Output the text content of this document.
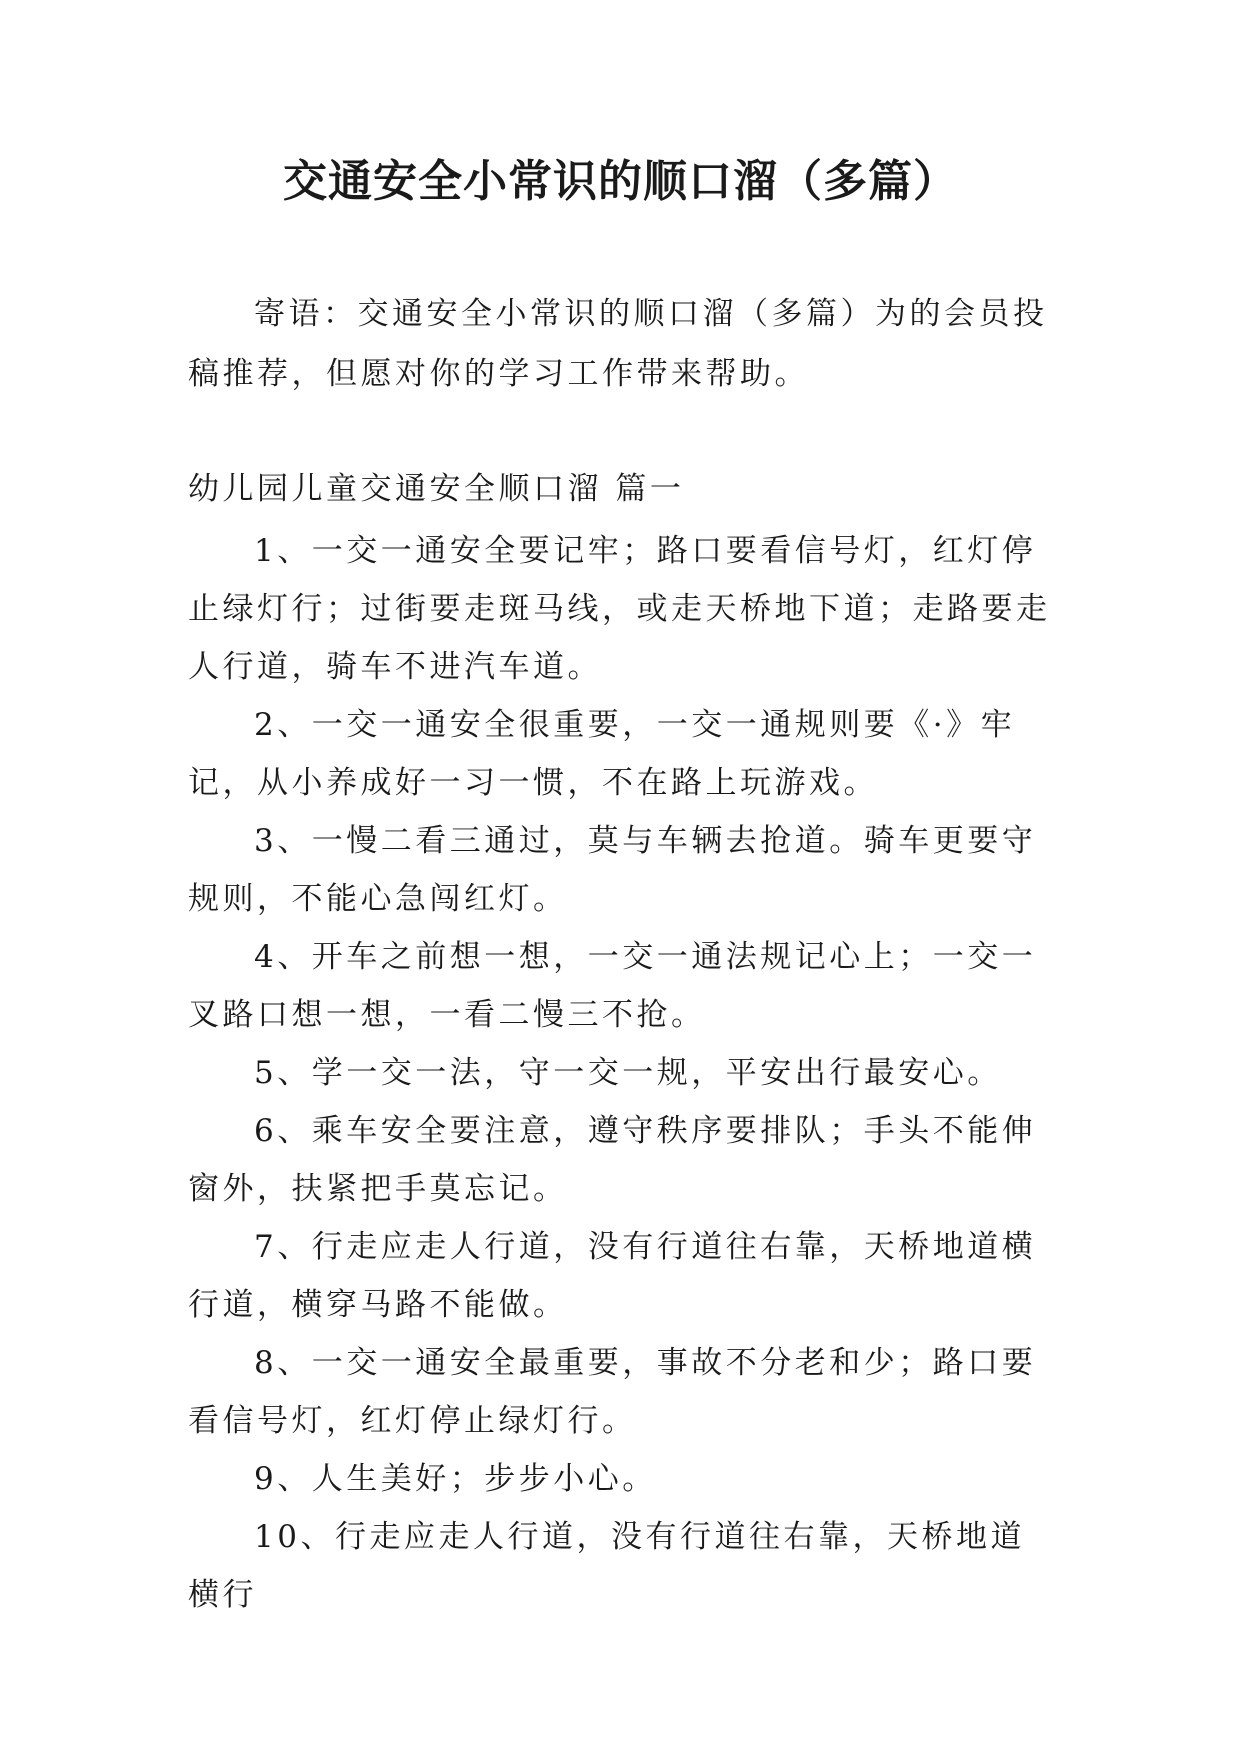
交通安全小常识的顺口溜（多篇）

寄语：交通安全小常识的顺口溜（多篇）为的会员投稿推荐，但愿对你的学习工作带来帮助。

幼儿园儿童交通安全顺口溜 篇一

1、一交一通安全要记牢；路口要看信号灯，红灯停止绿灯行；过街要走斑马线，或走天桥地下道；走路要走人行道，骑车不进汽车道。
2、一交一通安全很重要，一交一通规则要《·》牢记，从小养成好一习一惯，不在路上玩游戏。
3、一慢二看三通过，莫与车辆去抢道。骑车更要守规则，不能心急闯红灯。
4、开车之前想一想，一交一通法规记心上；一交一叉路口想一想，一看二慢三不抢。
5、学一交一法，守一交一规，平安出行最安心。
6、乘车安全要注意，遵守秩序要排队；手头不能伸窗外，扶紧把手莫忘记。
7、行走应走人行道，没有行道往右靠，天桥地道横行道，横穿马路不能做。
8、一交一通安全最重要，事故不分老和少；路口要看信号灯，红灯停止绿灯行。
9、人生美好；步步小心。
10、行走应走人行道，没有行道往右靠，天桥地道横行
